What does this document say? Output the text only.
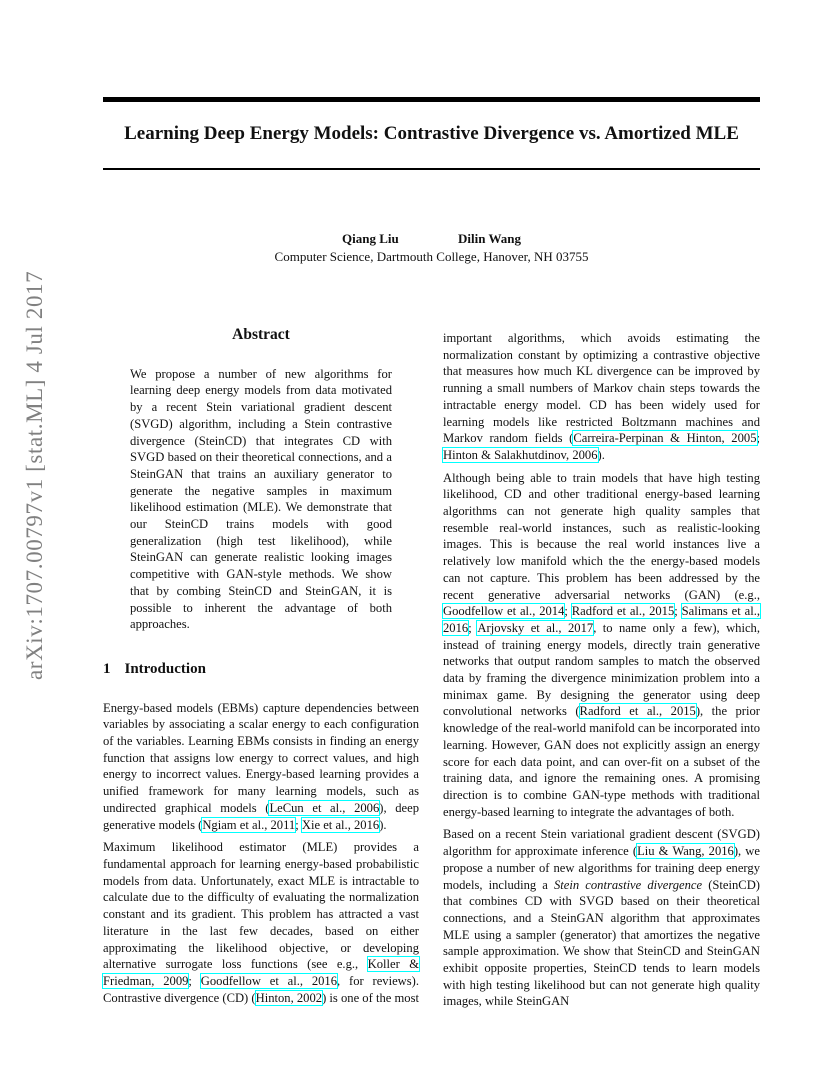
arXiv:1707.00797v1 [stat.ML] 4 Jul 2017
Learning Deep Energy Models: Contrastive Divergence vs. Amortized MLE
Qiang Liu	Dilin Wang
Computer Science, Dartmouth College, Hanover, NH 03755
Abstract

We propose a number of new algorithms for learning deep energy models from data motivated by a recent Stein variational gradient descent (SVGD) algorithm, including a Stein contrastive divergence (SteinCD) that integrates CD with SVGD based on their theoretical connections, and a SteinGAN that trains an auxiliary generator to generate the negative samples in maximum likelihood estimation (MLE). We demonstrate that our SteinCD trains models with good generalization (high test likelihood), while SteinGAN can generate realistic looking images competitive with GAN-style methods. We show that by combing SteinCD and SteinGAN, it is possible to inherent the advantage of both approaches.

1 Introduction

Energy-based models (EBMs) capture dependencies between variables by associating a scalar energy to each configuration of the variables. Learning EBMs consists in finding an energy function that assigns low energy to correct values, and high energy to incorrect values. Energy-based learning provides a unified framework for many learning models, such as undirected graphical models (LeCun et al., 2006), deep generative models (Ngiam et al., 2011; Xie et al., 2016).

Maximum likelihood estimator (MLE) provides a fundamental approach for learning energy-based probabilistic models from data. Unfortunately, exact MLE is intractable to calculate due to the difficulty of evaluating the normalization constant and its gradient. This problem has attracted a vast literature in the last few decades, based on either approximating the likelihood objective, or developing alternative surrogate loss functions (see e.g., Koller & Friedman, 2009; Goodfellow et al., 2016, for reviews). Contrastive divergence (CD) (Hinton, 2002) is one of the most

important algorithms, which avoids estimating the normalization constant by optimizing a contrastive objective that measures how much KL divergence can be improved by running a small numbers of Markov chain steps towards the intractable energy model. CD has been widely used for learning models like restricted Boltzmann machines and Markov random fields (Carreira-Perpinan & Hinton, 2005; Hinton & Salakhutdinov, 2006).

Although being able to train models that have high testing likelihood, CD and other traditional energy-based learning algorithms can not generate high quality samples that resemble real-world instances, such as realistic-looking images. This is because the real world instances live a relatively low manifold which the the energy-based models can not capture. This problem has been addressed by the recent generative adversarial networks (GAN) (e.g., Goodfellow et al., 2014; Radford et al., 2015; Salimans et al., 2016; Arjovsky et al., 2017, to name only a few), which, instead of training energy models, directly train generative networks that output random samples to match the observed data by framing the divergence minimization problem into a minimax game. By designing the generator using deep convolutional networks (Radford et al., 2015), the prior knowledge of the real-world manifold can be incorporated into learning. However, GAN does not explicitly assign an energy score for each data point, and can over-fit on a subset of the training data, and ignore the remaining ones. A promising direction is to combine GAN-type methods with traditional energy-based learning to integrate the advantages of both.

Based on a recent Stein variational gradient descent (SVGD) algorithm for approximate inference (Liu & Wang, 2016), we propose a number of new algorithms for training deep energy models, including a Stein contrastive divergence (SteinCD) that combines CD with SVGD based on their theoretical connections, and a SteinGAN algorithm that approximates MLE using a sampler (generator) that amortizes the negative sample approximation. We show that SteinCD and SteinGAN exhibit opposite properties, SteinCD tends to learn models with high testing likelihood but can not generate high quality images, while SteinGAN
